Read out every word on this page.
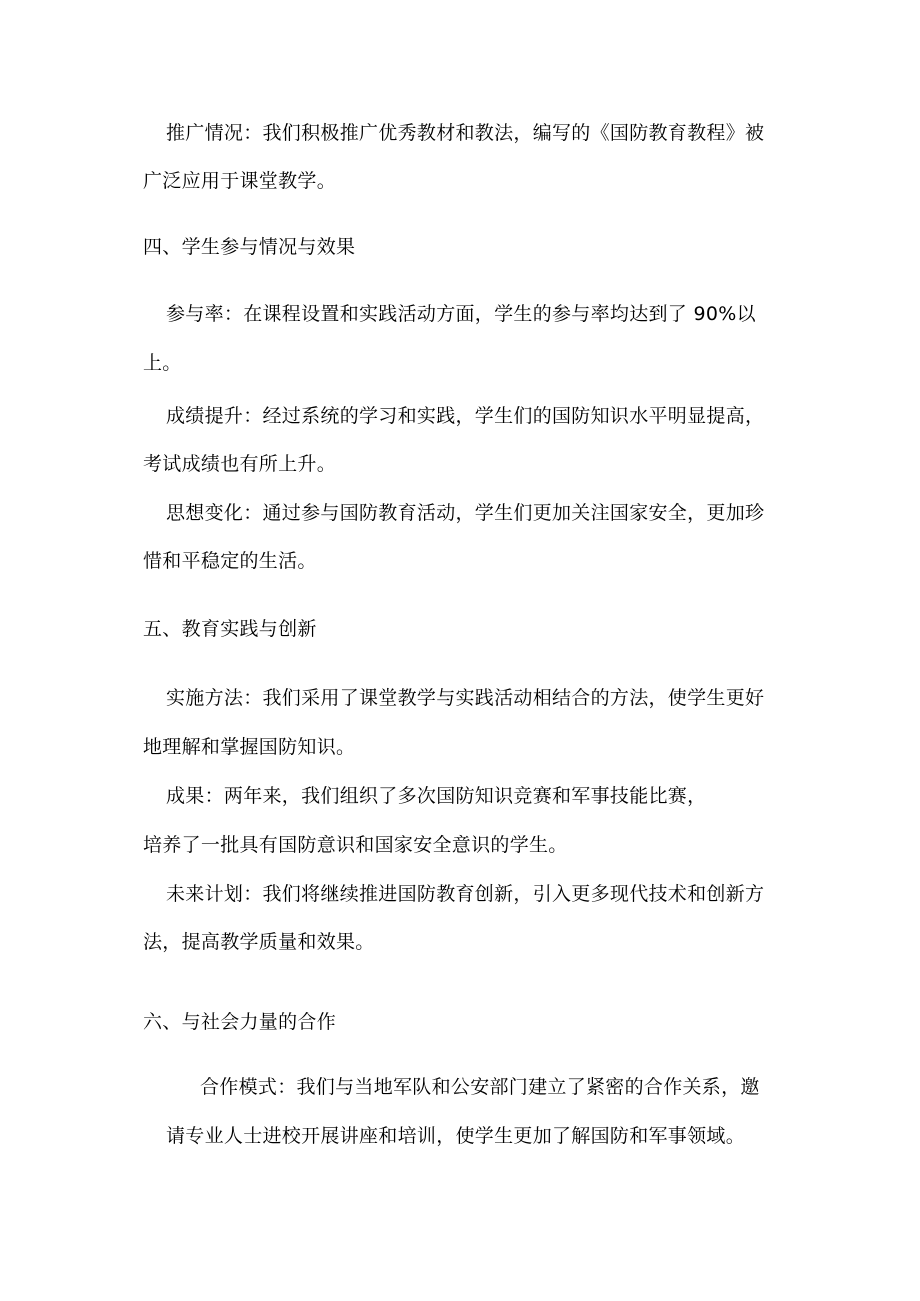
推广情况：我们积极推广优秀教材和教法，编写的《国防教育教程》被
广泛应用于课堂教学。
四、学生参与情况与效果
参与率：在课程设置和实践活动方面，学生的参与率均达到了 90%以
上。
成绩提升：经过系统的学习和实践，学生们的国防知识水平明显提高，
考试成绩也有所上升。
思想变化：通过参与国防教育活动，学生们更加关注国家安全，更加珍
惜和平稳定的生活。
五、教育实践与创新
实施方法：我们采用了课堂教学与实践活动相结合的方法，使学生更好
地理解和掌握国防知识。
成果：两年来，我们组织了多次国防知识竞赛和军事技能比赛，
培养了一批具有国防意识和国家安全意识的学生。
未来计划：我们将继续推进国防教育创新，引入更多现代技术和创新方
法，提高教学质量和效果。
六、与社会力量的合作
合作模式：我们与当地军队和公安部门建立了紧密的合作关系，邀
请专业人士进校开展讲座和培训，使学生更加了解国防和军事领域。
